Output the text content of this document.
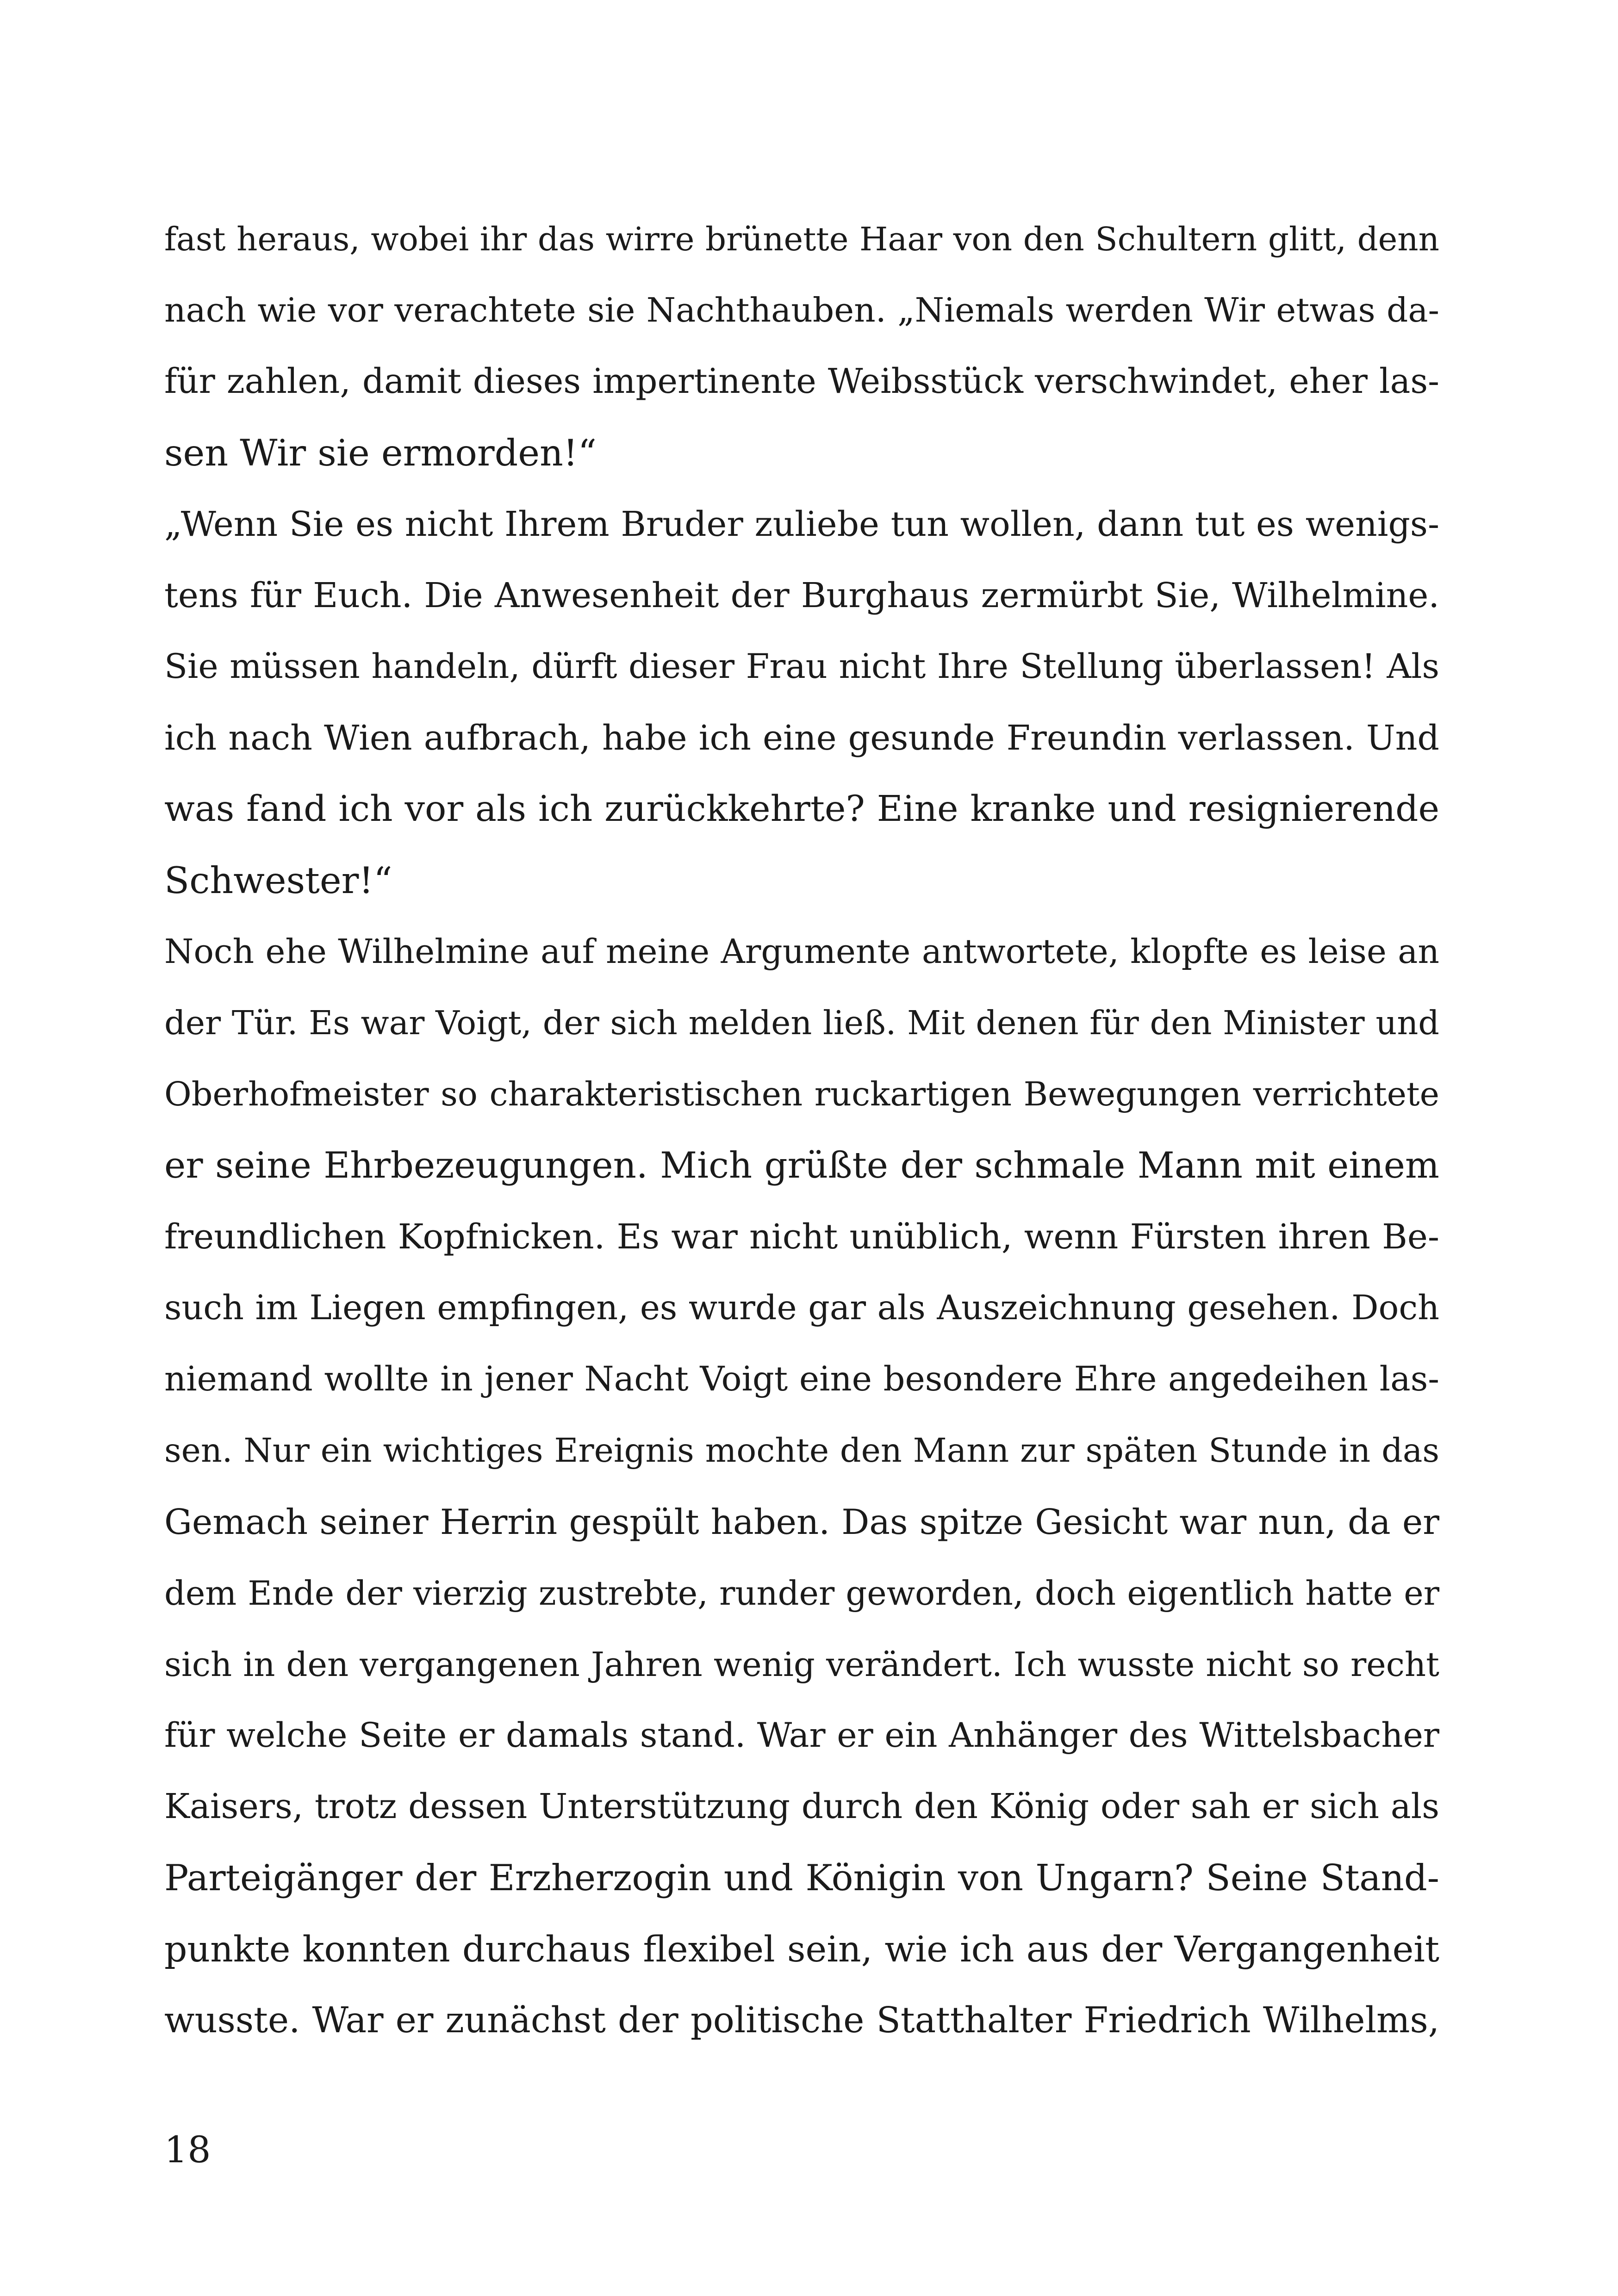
fast heraus, wobei ihr das wirre brünette Haar von den Schultern glitt, denn
nach wie vor verachtete sie Nachthauben. „Niemals werden Wir etwas da-
für zahlen, damit dieses impertinente Weibsstück verschwindet, eher las-
sen Wir sie ermorden!“
„Wenn Sie es nicht Ihrem Bruder zuliebe tun wollen, dann tut es wenigs-
tens für Euch. Die Anwesenheit der Burghaus zermürbt Sie, Wilhelmine.
Sie müssen handeln, dürft dieser Frau nicht Ihre Stellung überlassen! Als
ich nach Wien aufbrach, habe ich eine gesunde Freundin verlassen. Und
was fand ich vor als ich zurückkehrte? Eine kranke und resignierende
Schwester!“
Noch ehe Wilhelmine auf meine Argumente antwortete, klopfte es leise an
der Tür. Es war Voigt, der sich melden ließ. Mit denen für den Minister und
Oberhofmeister so charakteristischen ruckartigen Bewegungen verrichtete
er seine Ehrbezeugungen. Mich grüßte der schmale Mann mit einem
freundlichen Kopfnicken. Es war nicht unüblich, wenn Fürsten ihren Be-
such im Liegen empfingen, es wurde gar als Auszeichnung gesehen. Doch
niemand wollte in jener Nacht Voigt eine besondere Ehre angedeihen las-
sen. Nur ein wichtiges Ereignis mochte den Mann zur späten Stunde in das
Gemach seiner Herrin gespült haben. Das spitze Gesicht war nun, da er
dem Ende der vierzig zustrebte, runder geworden, doch eigentlich hatte er
sich in den vergangenen Jahren wenig verändert. Ich wusste nicht so recht
für welche Seite er damals stand. War er ein Anhänger des Wittelsbacher
Kaisers, trotz dessen Unterstützung durch den König oder sah er sich als
Parteigänger der Erzherzogin und Königin von Ungarn? Seine Stand-
punkte konnten durchaus flexibel sein, wie ich aus der Vergangenheit
wusste. War er zunächst der politische Statthalter Friedrich Wilhelms,
18
